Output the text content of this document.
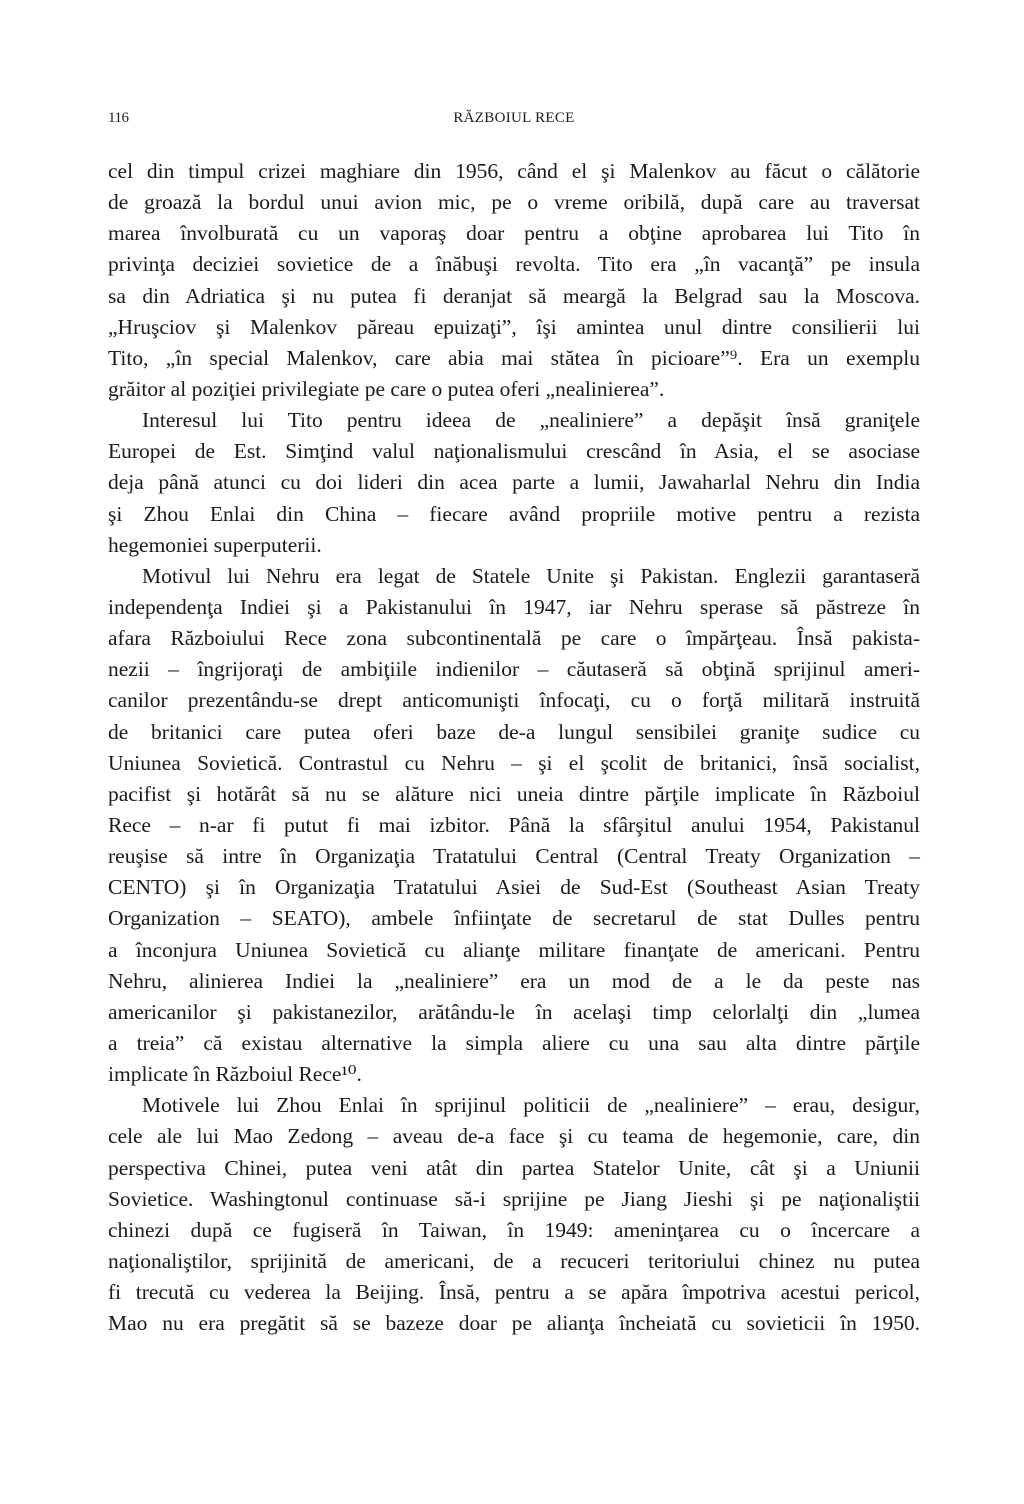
116	RĂZBOIUL RECE
cel din timpul crizei maghiare din 1956, când el şi Malenkov au făcut o călătorie
de groază la bordul unui avion mic, pe o vreme oribilă, după care au traversat
marea învolburată cu un vaporaş doar pentru a obţine aprobarea lui Tito în
privinţa deciziei sovietice de a înăbuşi revolta. Tito era „în vacanţă” pe insula
sa din Adriatica şi nu putea fi deranjat să meargă la Belgrad sau la Moscova.
„Hruşciov şi Malenkov păreau epuizaţi”, îşi amintea unul dintre consilierii lui
Tito, „în special Malenkov, care abia mai stătea în picioare”⁹. Era un exemplu
grăitor al poziţiei privilegiate pe care o putea oferi „nealinierea”.
Interesul lui Tito pentru ideea de „nealiniere” a depăşit însă graniţele
Europei de Est. Simţind valul naţionalismului crescând în Asia, el se asociase
deja până atunci cu doi lideri din acea parte a lumii, Jawaharlal Nehru din India
şi Zhou Enlai din China – fiecare având propriile motive pentru a rezista
hegemoniei superputerii.
Motivul lui Nehru era legat de Statele Unite şi Pakistan. Englezii garantaseră
independenţa Indiei şi a Pakistanului în 1947, iar Nehru sperase să păstreze în
afara Războiului Rece zona subcontinentală pe care o împărţeau. Însă pakista-
nezii – îngrijoraţi de ambiţiile indienilor – căutaseră să obţină sprijinul ameri-
canilor prezentându-se drept anticomunişti înfocaţi, cu o forţă militară instruită
de britanici care putea oferi baze de-a lungul sensibilei graniţe sudice cu
Uniunea Sovietică. Contrastul cu Nehru – şi el şcolit de britanici, însă socialist,
pacifist şi hotărât să nu se alăture nici uneia dintre părţile implicate în Războiul
Rece – n-ar fi putut fi mai izbitor. Până la sfârşitul anului 1954, Pakistanul
reuşise să intre în Organizaţia Tratatului Central (Central Treaty Organization –
CENTO) şi în Organizaţia Tratatului Asiei de Sud-Est (Southeast Asian Treaty
Organization – SEATO), ambele înfiinţate de secretarul de stat Dulles pentru
a înconjura Uniunea Sovietică cu alianţe militare finanţate de americani. Pentru
Nehru, alinierea Indiei la „nealiniere” era un mod de a le da peste nas
americanilor şi pakistanezilor, arătându-le în acelaşi timp celorlalţi din „lumea
a treia” că existau alternative la simpla aliere cu una sau alta dintre părţile
implicate în Războiul Rece¹⁰.
Motivele lui Zhou Enlai în sprijinul politicii de „nealiniere” – erau, desigur,
cele ale lui Mao Zedong – aveau de-a face şi cu teama de hegemonie, care, din
perspectiva Chinei, putea veni atât din partea Statelor Unite, cât şi a Uniunii
Sovietice. Washingtonul continuase să-i sprijine pe Jiang Jieshi şi pe naţionaliştii
chinezi după ce fugiseră în Taiwan, în 1949: ameninţarea cu o încercare a
naţionaliştilor, sprijinită de americani, de a recuceri teritoriului chinez nu putea
fi trecută cu vederea la Beijing. Însă, pentru a se apăra împotriva acestui pericol,
Mao nu era pregătit să se bazeze doar pe alianţa încheiată cu sovieticii în 1950.
